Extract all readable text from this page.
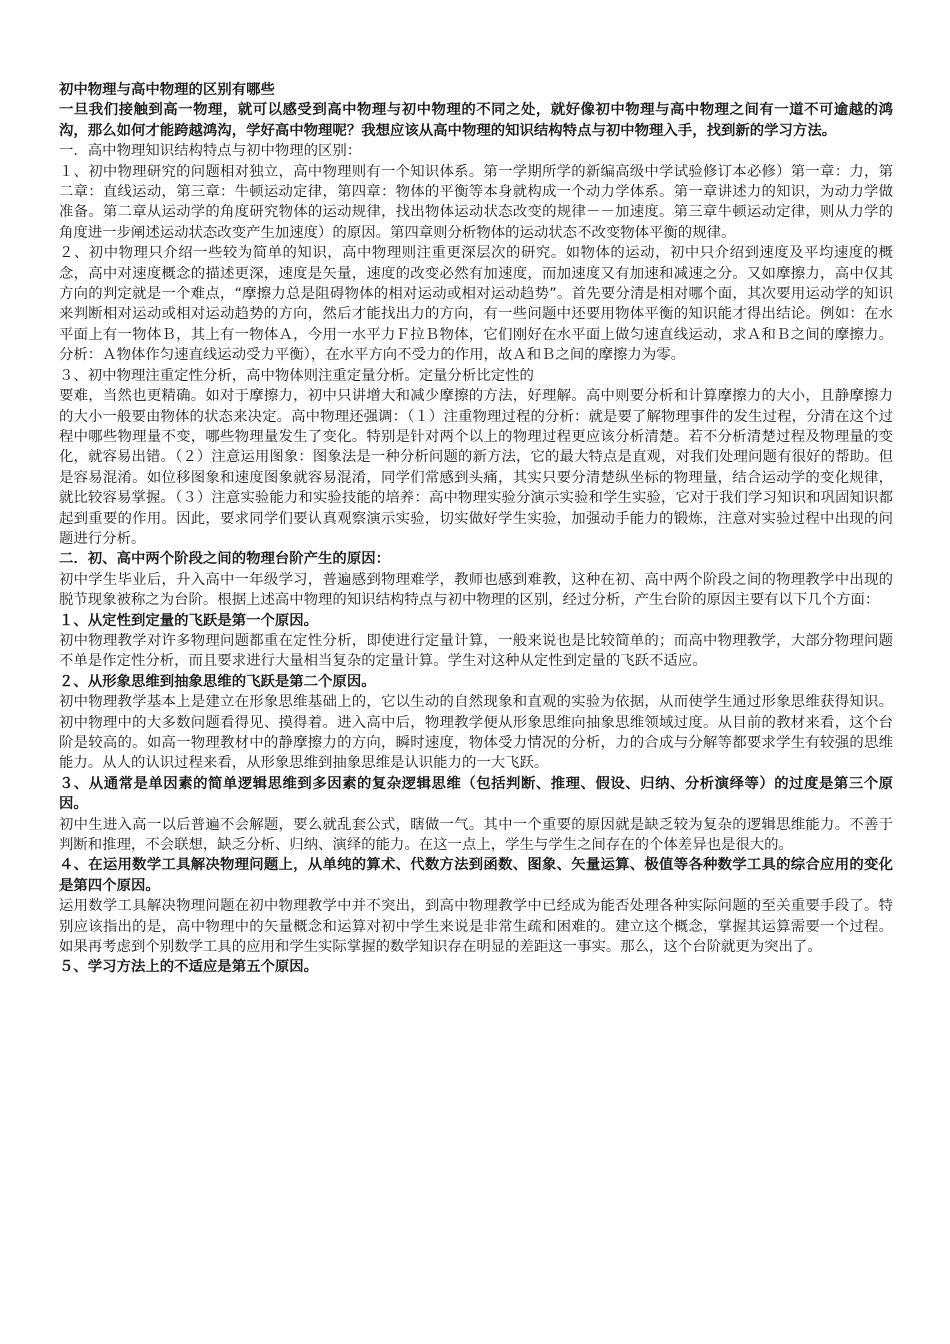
初中物理与高中物理的区别有哪些

一旦我们接触到高一物理，就可以感受到高中物理与初中物理的不同之处，就好像初中物理与高中物理之间有一道不可逾越的鸿沟，那么如何才能跨越鸿沟，学好高中物理呢？我想应该从高中物理的知识结构特点与初中物理入手，找到新的学习方法。

一．高中物理知识结构特点与初中物理的区别：

１、初中物理研究的问题相对独立，高中物理则有一个知识体系。第一学期所学的新编高级中学试验修订本必修）第一章：力，第二章：直线运动，第三章：牛顿运动定律，第四章：物体的平衡等本身就构成一个动力学体系。第一章讲述力的知识，为动力学做准备。第二章从运动学的角度研究物体的运动规律，找出物体运动状态改变的规律－－加速度。第三章牛顿运动定律，则从力学的角度进一步阐述运动状态改变产生加速度）的原因。第四章则分析物体的运动状态不改变物体平衡的规律。

２、初中物理只介绍一些较为简单的知识，高中物理则注重更深层次的研究。如物体的运动，初中只介绍到速度及平均速度的概念，高中对速度概念的描述更深，速度是矢量，速度的改变必然有加速度，而加速度又有加速和减速之分。又如摩擦力，高中仅其方向的判定就是一个难点，“摩擦力总是阻碍物体的相对运动或相对运动趋势”。首先要分清是相对哪个面，其次要用运动学的知识来判断相对运动或相对运动趋势的方向，然后才能找出力的方向，有一些问题中还要用物体平衡的知识能才得出结论。例如：在水平面上有一物体Ｂ，其上有一物体Ａ，今用一水平力Ｆ拉Ｂ物体，它们刚好在水平面上做匀速直线运动，求Ａ和Ｂ之间的摩擦力。分析：Ａ物体作匀速直线运动受力平衡），在水平方向不受力的作用，故Ａ和Ｂ之间的摩擦力为零。

３、初中物理注重定性分析，高中物体则注重定量分析。定量分析比定性的

要难，当然也更精确。如对于摩擦力，初中只讲增大和减少摩擦的方法，好理解。高中则要分析和计算摩擦力的大小，且静摩擦力的大小一般要由物体的状态来决定。高中物理还强调：（１）注重物理过程的分析：就是要了解物理事件的发生过程，分清在这个过程中哪些物理量不变，哪些物理量发生了变化。特别是针对两个以上的物理过程更应该分析清楚。若不分析清楚过程及物理量的变化，就容易出错。（２）注意运用图象：图象法是一种分析问题的新方法，它的最大特点是直观，对我们处理问题有很好的帮助。但是容易混淆。如位移图象和速度图象就容易混淆，同学们常感到头痛，其实只要分清楚纵坐标的物理量，结合运动学的变化规律，就比较容易掌握。（３）注意实验能力和实验技能的培养：高中物理实验分演示实验和学生实验，它对于我们学习知识和巩固知识都起到重要的作用。因此，要求同学们要认真观察演示实验，切实做好学生实验，加强动手能力的锻炼，注意对实验过程中出现的问题进行分析。

二．初、高中两个阶段之间的物理台阶产生的原因：

初中学生毕业后，升入高中一年级学习，普遍感到物理难学，教师也感到难教，这种在初、高中两个阶段之间的物理教学中出现的脱节现象被称之为台阶。根据上述高中物理的知识结构特点与初中物理的区别，经过分析，产生台阶的原因主要有以下几个方面：

１、从定性到定量的飞跃是第一个原因。

初中物理教学对许多物理问题都重在定性分析，即使进行定量计算，一般来说也是比较简单的；而高中物理教学，大部分物理问题不单是作定性分析，而且要求进行大量相当复杂的定量计算。学生对这种从定性到定量的飞跃不适应。

２、从形象思维到抽象思维的飞跃是第二个原因。

初中物理教学基本上是建立在形象思维基础上的，它以生动的自然现象和直观的实验为依据，从而使学生通过形象思维获得知识。初中物理中的大多数问题看得见、摸得着。进入高中后，物理教学便从形象思维向抽象思维领域过度。从目前的教材来看，这个台阶是较高的。如高一物理教材中的静摩擦力的方向，瞬时速度，物体受力情况的分析，力的合成与分解等都要求学生有较强的思维能力。从人的认识过程来看，从形象思维到抽象思维是认识能力的一大飞跃。

３、从通常是单因素的简单逻辑思维到多因素的复杂逻辑思维（包括判断、推理、假设、归纳、分析演绎等）的过度是第三个原因。

初中生进入高一以后普遍不会解题，要么就乱套公式，瞎做一气。其中一个重要的原因就是缺乏较为复杂的逻辑思维能力。不善于判断和推理，不会联想，缺乏分析、归纳、演绎的能力。在这一点上，学生与学生之间存在的个体差异也是很大的。

４、在运用数学工具解决物理问题上，从单纯的算术、代数方法到函数、图象、矢量运算、极值等各种数学工具的综合应用的变化是第四个原因。

运用数学工具解决物理问题在初中物理教学中并不突出，到高中物理教学中已经成为能否处理各种实际问题的至关重要手段了。特别应该指出的是，高中物理中的矢量概念和运算对初中学生来说是非常生疏和困难的。建立这个概念，掌握其运算需要一个过程。如果再考虑到个别数学工具的应用和学生实际掌握的数学知识存在明显的差距这一事实。那么，这个台阶就更为突出了。

５、学习方法上的不适应是第五个原因。
